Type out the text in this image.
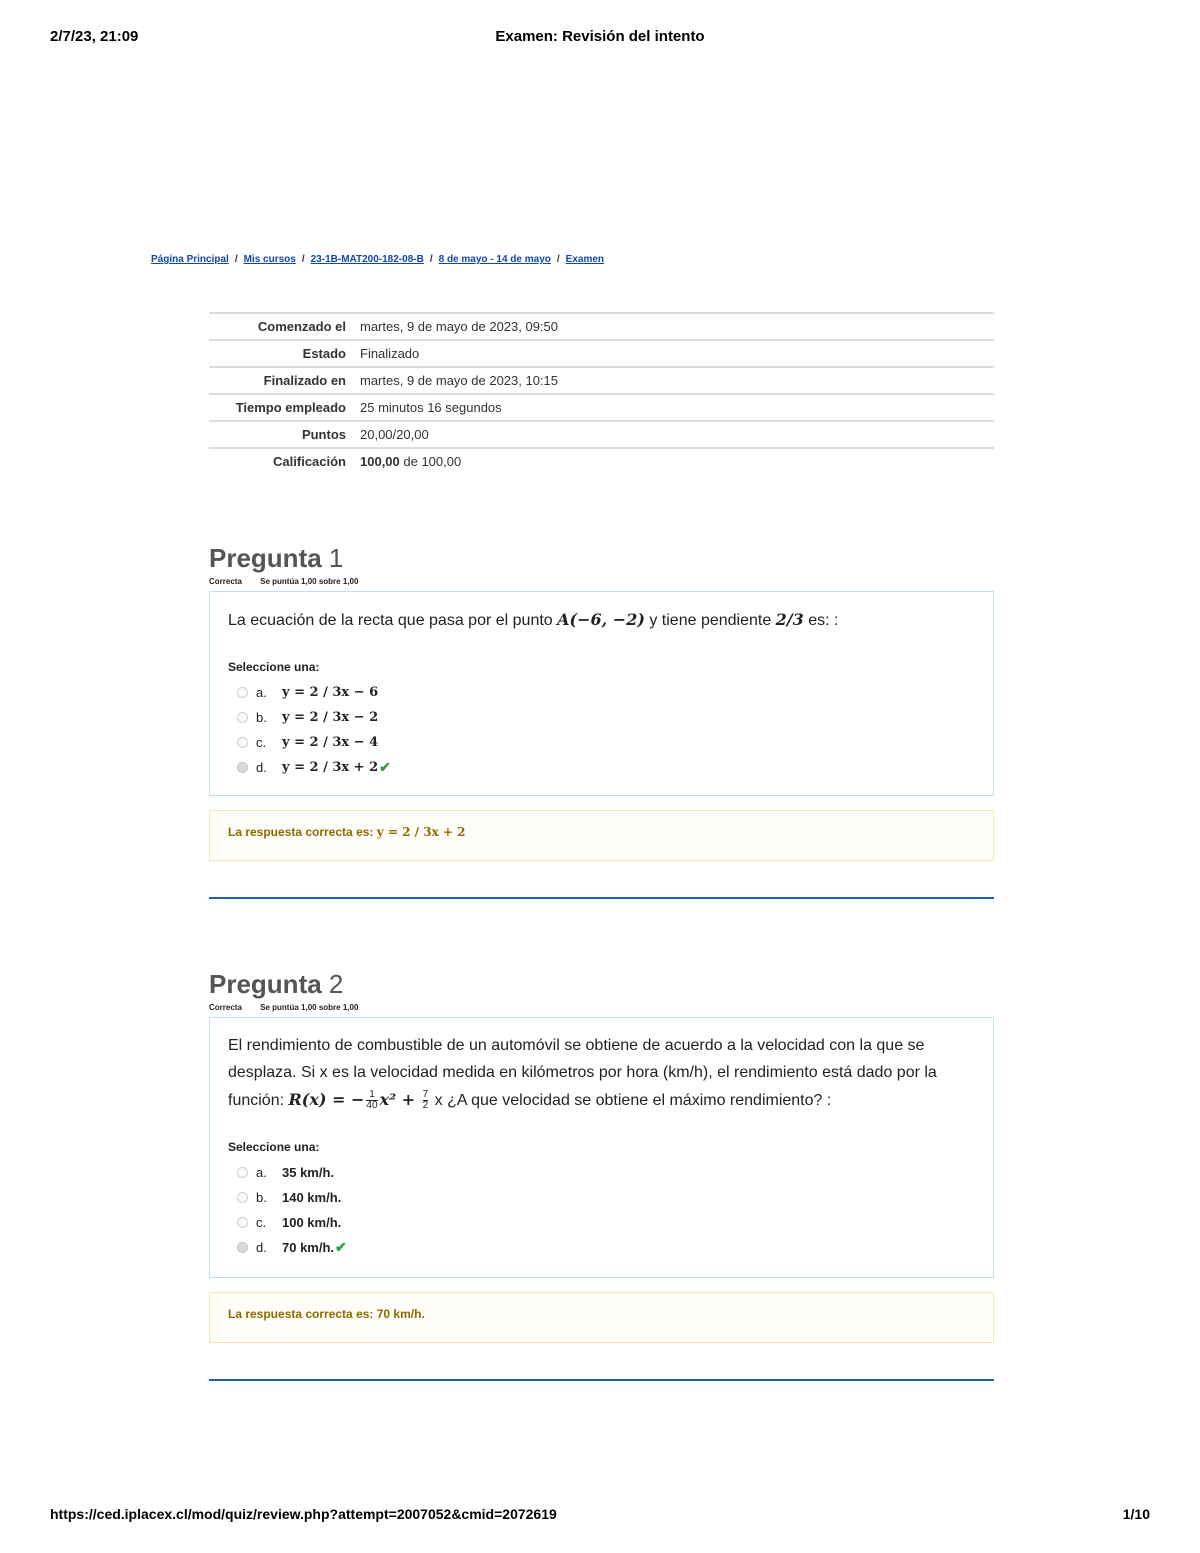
2/7/23, 21:09	Examen: Revisión del intento
Página Principal / Mis cursos / 23-1B-MAT200-182-08-B / 8 de mayo - 14 de mayo / Examen
Comenzado el	martes, 9 de mayo de 2023, 09:50
Estado	Finalizado
Finalizado en	martes, 9 de mayo de 2023, 10:15
Tiempo empleado	25 minutos 16 segundos
Puntos	20,00/20,00
Calificación	100,00 de 100,00
Pregunta 1
Correcta Se puntúa 1,00 sobre 1,00
La ecuación de la recta que pasa por el punto A(−6, −2) y tiene pendiente 2/3 es: :
Seleccione una:
a.	y = 2 / 3x − 6
b.	y = 2 / 3x − 2
c.	y = 2 / 3x − 4
d.	y = 2 / 3x + 2 ✔
La respuesta correcta es: y = 2 / 3x + 2
Pregunta 2
Correcta Se puntúa 1,00 sobre 1,00
El rendimiento de combustible de un automóvil se obtiene de acuerdo a la velocidad con la que se desplaza. Si x es la velocidad medida en kilómetros por hora (km/h), el rendimiento está dado por la función: R(x) = − $\frac{1}{40} x^2 + \frac{7}{2}$ x ¿A que velocidad se obtiene el máximo rendimiento? :
Seleccione una:
a.	35 km/h.
b.	140 km/h.
c.	100 km/h.
d.	70 km/h. ✔
La respuesta correcta es: 70 km/h.
https://ced.iplacex.cl/mod/quiz/review.php?attempt=2007052&cmid=2072619	1/10
